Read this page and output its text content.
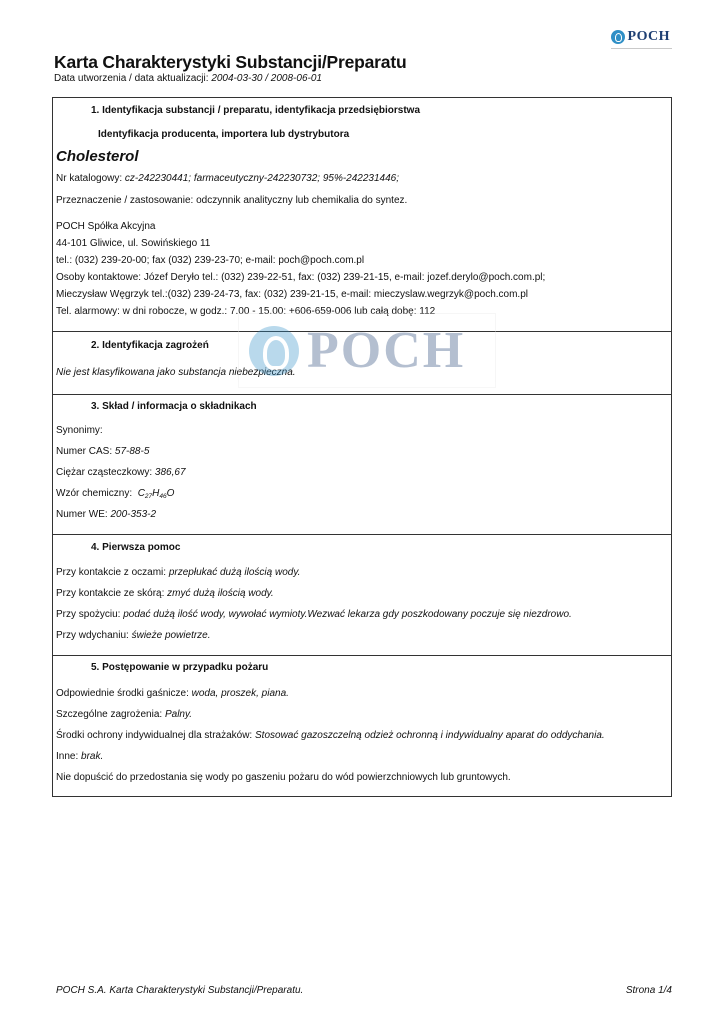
POCH
Karta Charakterystyki Substancji/Preparatu
Data utworzenia / data aktualizacji: 2004-03-30 / 2008-06-01
1. Identyfikacja substancji / preparatu, identyfikacja przedsiębiorstwa
Identyfikacja producenta, importera lub dystrybutora
Cholesterol
Nr katalogowy: cz-242230441; farmaceutyczny-242230732; 95%-242231446;
Przeznaczenie / zastosowanie: odczynnik analityczny lub chemikalia do syntez.
POCH Spółka Akcyjna
44-101 Gliwice, ul. Sowińskiego 11
tel.: (032) 239-20-00; fax (032) 239-23-70; e-mail: poch@poch.com.pl
Osoby kontaktowe: Józef Deryło tel.: (032) 239-22-51, fax: (032) 239-21-15, e-mail: jozef.derylo@poch.com.pl;
Mieczysław Węgrzyk tel.:(032) 239-24-73, fax: (032) 239-21-15, e-mail: mieczyslaw.wegrzyk@poch.com.pl
Tel. alarmowy: w dni robocze, w godz.: 7.00 - 15.00: +606-659-006 lub całą dobę: 112
2. Identyfikacja zagrożeń
Nie jest klasyfikowana jako substancja niebezpieczna.
3. Skład / informacja o składnikach
Synonimy:
Numer CAS: 57-88-5
Ciężar cząsteczkowy: 386,67
Wzór chemiczny: $C_{27}H_{46}O$
Numer WE: 200-353-2
4. Pierwsza pomoc
Przy kontakcie z oczami: przepłukać dużą ilością wody.
Przy kontakcie ze skórą: zmyć dużą ilością wody.
Przy spożyciu: podać dużą ilość wody, wywołać wymioty.Wezwać lekarza gdy poszkodowany poczuje się niezdrowo.
Przy wdychaniu: świeże powietrze.
5. Postępowanie w przypadku pożaru
Odpowiednie środki gaśnicze: woda, proszek, piana.
Szczególne zagrożenia: Palny.
Środki ochrony indywidualnej dla strażaków: Stosować gazoszczelną odzież ochronną i indywidualny aparat do oddychania.
Inne: brak.
Nie dopuścić do przedostania się wody po gaszeniu pożaru do wód powierzchniowych lub gruntowych.
POCH
POCH S.A. Karta Charakterystyki Substancji/Preparatu.	Strona 1/4
